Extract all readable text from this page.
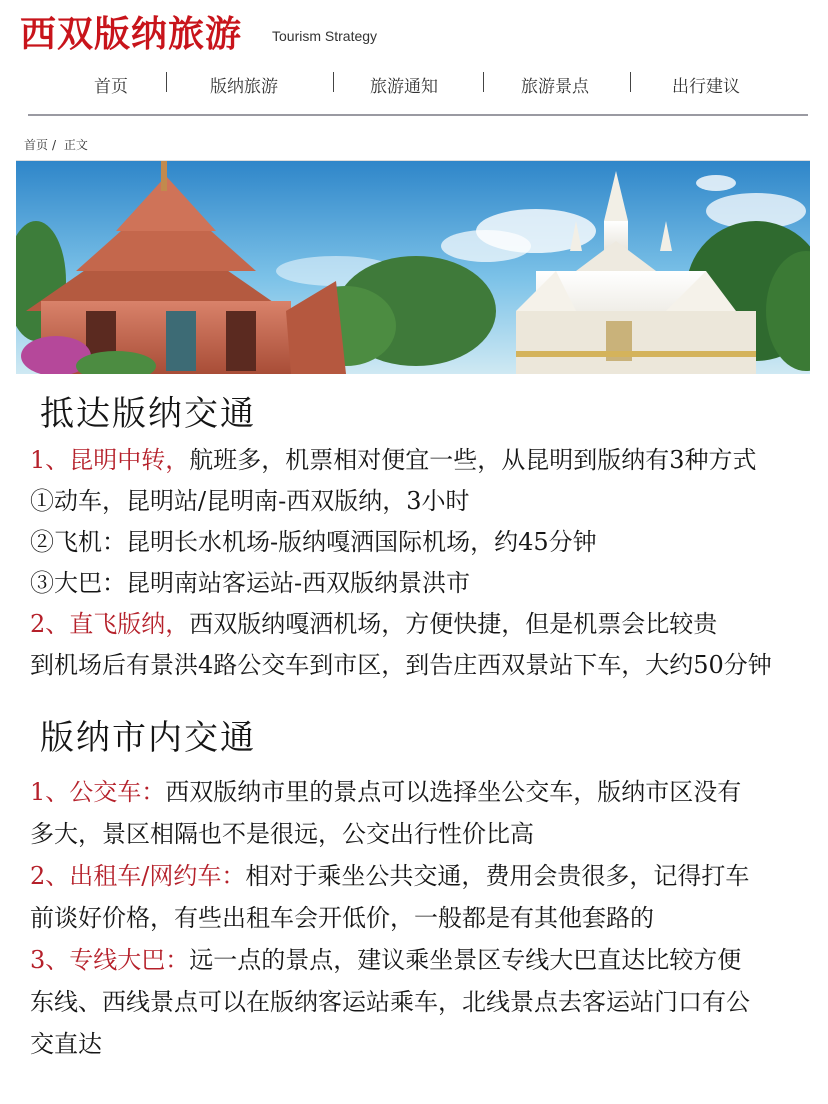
西双版纳旅游 Tourism Strategy
首页	版纳旅游	旅游通知	旅游景点	出行建议
首页 / 正文
抵达版纳交通
1、昆明中转，航班多，机票相对便宜一些，从昆明到版纳有3种方式
①动车，昆明站/昆明南-西双版纳，3小时
②飞机：昆明长水机场-版纳嘎洒国际机场，约45分钟
③大巴：昆明南站客运站-西双版纳景洪市
2、直飞版纳，西双版纳嘎洒机场，方便快捷，但是机票会比较贵
到机场后有景洪4路公交车到市区，到告庄西双景站下车，大约50分钟
版纳市内交通
1、公交车：西双版纳市里的景点可以选择坐公交车，版纳市区没有
多大，景区相隔也不是很远，公交出行性价比高
2、出租车/网约车：相对于乘坐公共交通，费用会贵很多，记得打车
前谈好价格，有些出租车会开低价，一般都是有其他套路的
3、专线大巴：远一点的景点，建议乘坐景区专线大巴直达比较方便
东线、西线景点可以在版纳客运站乘车，北线景点去客运站门口有公
交直达
